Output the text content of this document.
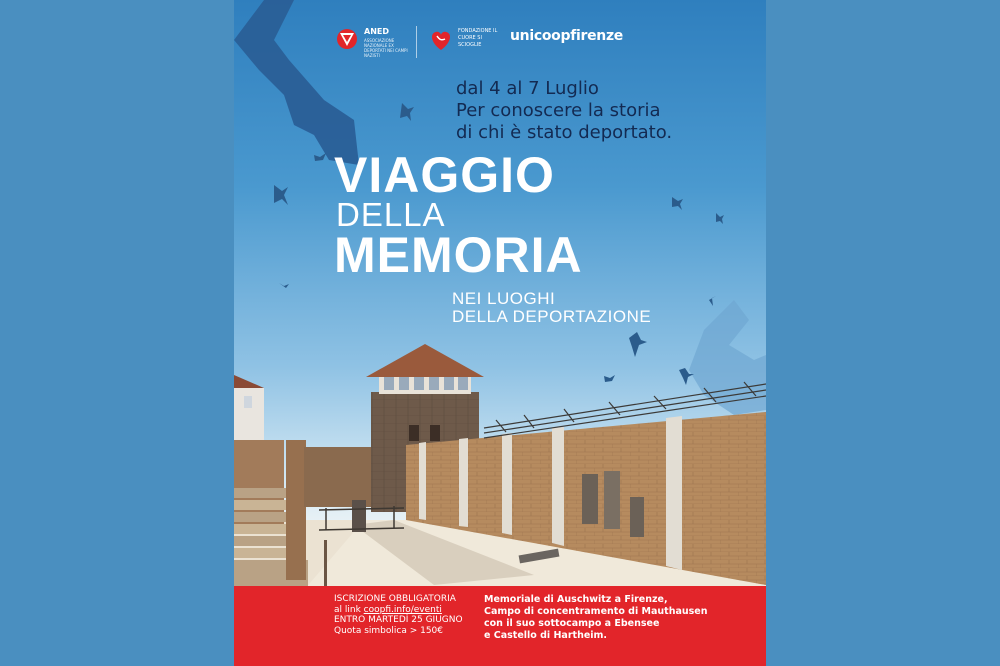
ANED
ASSOCIAZIONE NAZIONALE EX DEPORTATI NEI CAMPI NAZISTI
FONDAZIONE IL CUORE SI SCIOGLIE
unicoopfirenze
dal 4 al 7 Luglio
Per conoscere la storia
di chi è stato deportato.
VIAGGIO
DELLA
MEMORIA
NEI LUOGHI
DELLA DEPORTAZIONE
ISCRIZIONE OBBLIGATORIA
al link coopfi.info/eventi
ENTRO MARTEDÌ 25 GIUGNO
Quota simbolica > 150€
Memoriale di Auschwitz a Firenze,
Campo di concentramento di Mauthausen
con il suo sottocampo a Ebensee
e Castello di Hartheim.
